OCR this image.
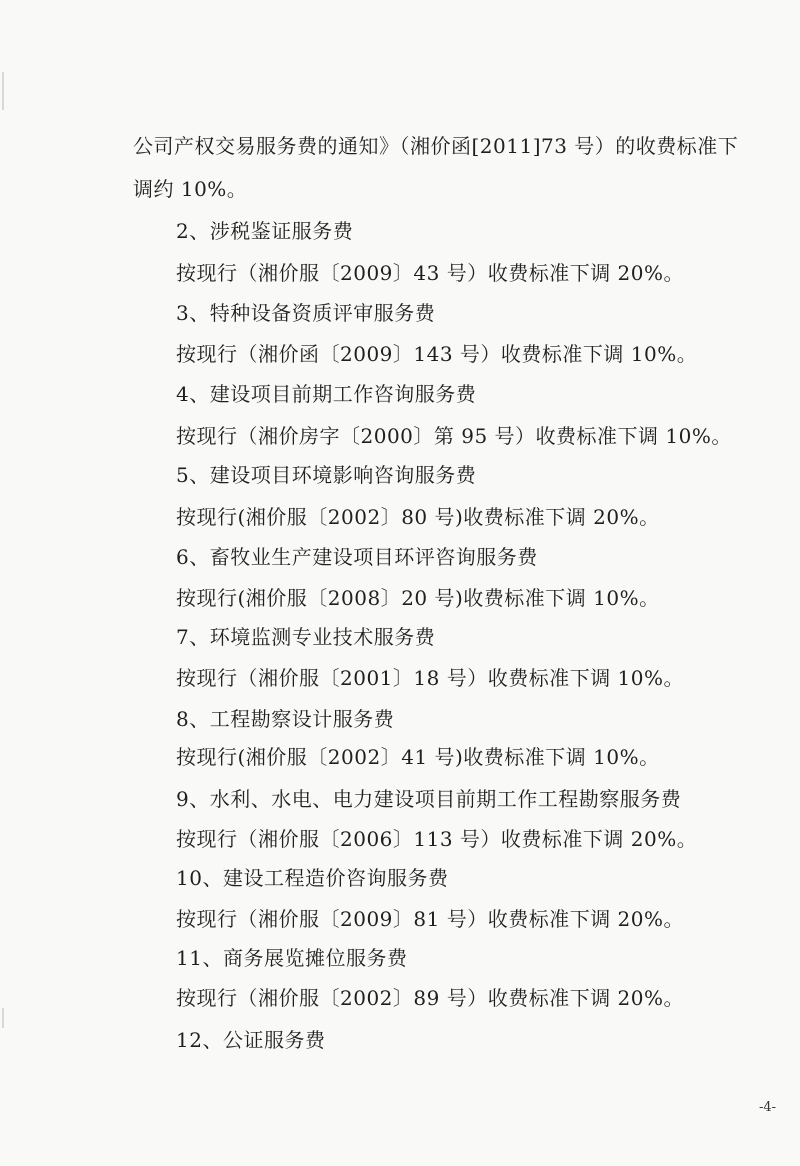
公司产权交易服务费的通知》（湘价函[2011]73 号）的收费标准下
调约 10%。
2、涉税鉴证服务费
按现行（湘价服〔2009〕43 号）收费标准下调 20%。
3、特种设备资质评审服务费
按现行（湘价函〔2009〕143 号）收费标准下调 10%。
4、建设项目前期工作咨询服务费
按现行（湘价房字〔2000〕第 95 号）收费标准下调 10%。
5、建设项目环境影响咨询服务费
按现行(湘价服〔2002〕80 号)收费标准下调 20%。
6、畜牧业生产建设项目环评咨询服务费
按现行(湘价服〔2008〕20 号)收费标准下调 10%。
7、环境监测专业技术服务费
按现行（湘价服〔2001〕18 号）收费标准下调 10%。
8、工程勘察设计服务费
按现行(湘价服〔2002〕41 号)收费标准下调 10%。
9、水利、水电、电力建设项目前期工作工程勘察服务费
按现行（湘价服〔2006〕113 号）收费标准下调 20%。
10、建设工程造价咨询服务费
按现行（湘价服〔2009〕81 号）收费标准下调 20%。
11、商务展览摊位服务费
按现行（湘价服〔2002〕89 号）收费标准下调 20%。
12、公证服务费
-4-
